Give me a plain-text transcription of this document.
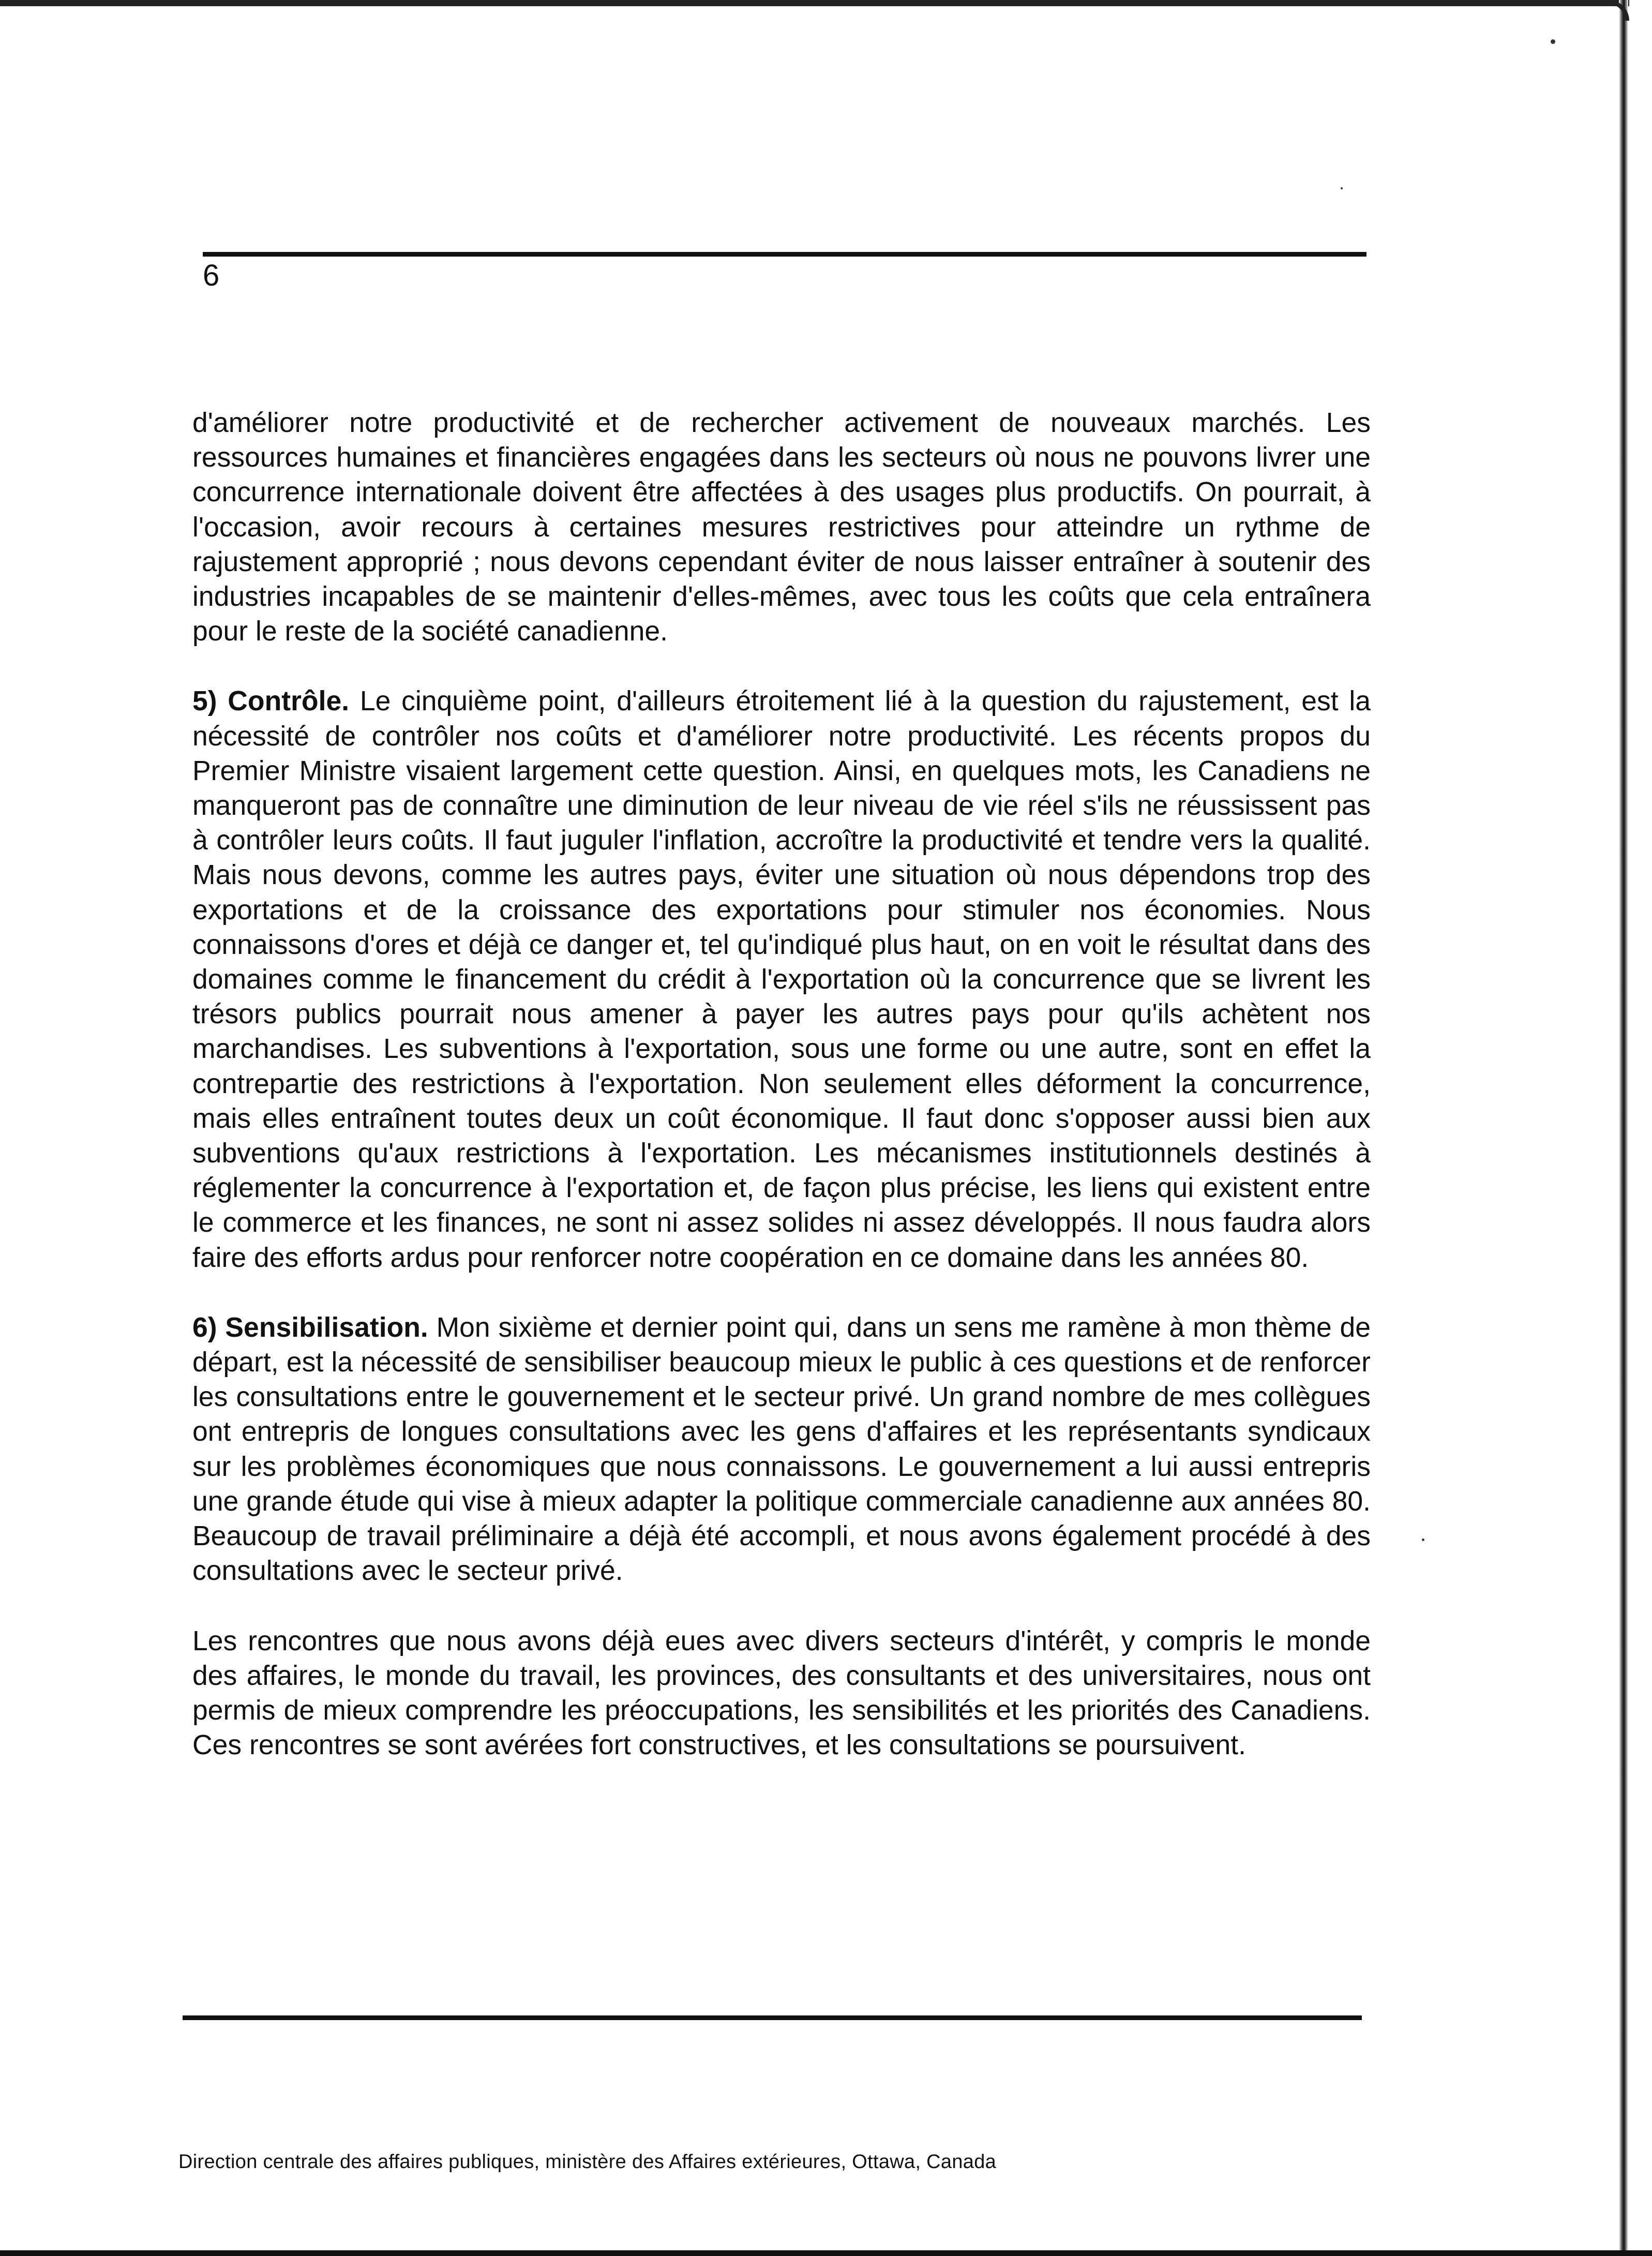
6

d'améliorer notre productivité et de rechercher activement de nouveaux marchés. Les ressources humaines et financières engagées dans les secteurs où nous ne pouvons livrer une concurrence internationale doivent être affectées à des usages plus productifs. On pourrait, à l'occasion, avoir recours à certaines mesures restrictives pour atteindre un rythme de rajustement approprié ; nous devons cependant éviter de nous laisser entraîner à soutenir des industries incapables de se maintenir d'elles-mêmes, avec tous les coûts que cela entraînera pour le reste de la société canadienne.

5) Contrôle. Le cinquième point, d'ailleurs étroitement lié à la question du rajustement, est la nécessité de contrôler nos coûts et d'améliorer notre productivité. Les récents propos du Premier Ministre visaient largement cette question. Ainsi, en quelques mots, les Canadiens ne manqueront pas de connaître une diminution de leur niveau de vie réel s'ils ne réussissent pas à contrôler leurs coûts. Il faut juguler l'inflation, accroître la productivité et tendre vers la qualité. Mais nous devons, comme les autres pays, éviter une situation où nous dépendons trop des exportations et de la croissance des exportations pour stimuler nos économies. Nous connaissons d'ores et déjà ce danger et, tel qu'indiqué plus haut, on en voit le résultat dans des domaines comme le financement du crédit à l'exportation où la concurrence que se livrent les trésors publics pourrait nous amener à payer les autres pays pour qu'ils achètent nos marchandises. Les subventions à l'exportation, sous une forme ou une autre, sont en effet la contrepartie des restrictions à l'exportation. Non seulement elles déforment la concurrence, mais elles entraînent toutes deux un coût économique. Il faut donc s'opposer aussi bien aux subventions qu'aux restrictions à l'exportation. Les mécanismes institutionnels destinés à réglementer la concurrence à l'exportation et, de façon plus précise, les liens qui existent entre le commerce et les finances, ne sont ni assez solides ni assez développés. Il nous faudra alors faire des efforts ardus pour renforcer notre coopération en ce domaine dans les années 80.

6) Sensibilisation. Mon sixième et dernier point qui, dans un sens me ramène à mon thème de départ, est la nécessité de sensibiliser beaucoup mieux le public à ces questions et de renforcer les consultations entre le gouvernement et le secteur privé. Un grand nombre de mes collègues ont entrepris de longues consultations avec les gens d'affaires et les représentants syndicaux sur les problèmes économiques que nous connaissons. Le gouvernement a lui aussi entrepris une grande étude qui vise à mieux adapter la politique commerciale canadienne aux années 80. Beaucoup de travail préliminaire a déjà été accompli, et nous avons également procédé à des consultations avec le secteur privé.

Les rencontres que nous avons déjà eues avec divers secteurs d'intérêt, y compris le monde des affaires, le monde du travail, les provinces, des consultants et des universitaires, nous ont permis de mieux comprendre les préoccupations, les sensibilités et les priorités des Canadiens. Ces rencontres se sont avérées fort constructives, et les consultations se poursuivent.

Direction centrale des affaires publiques, ministère des Affaires extérieures, Ottawa, Canada
